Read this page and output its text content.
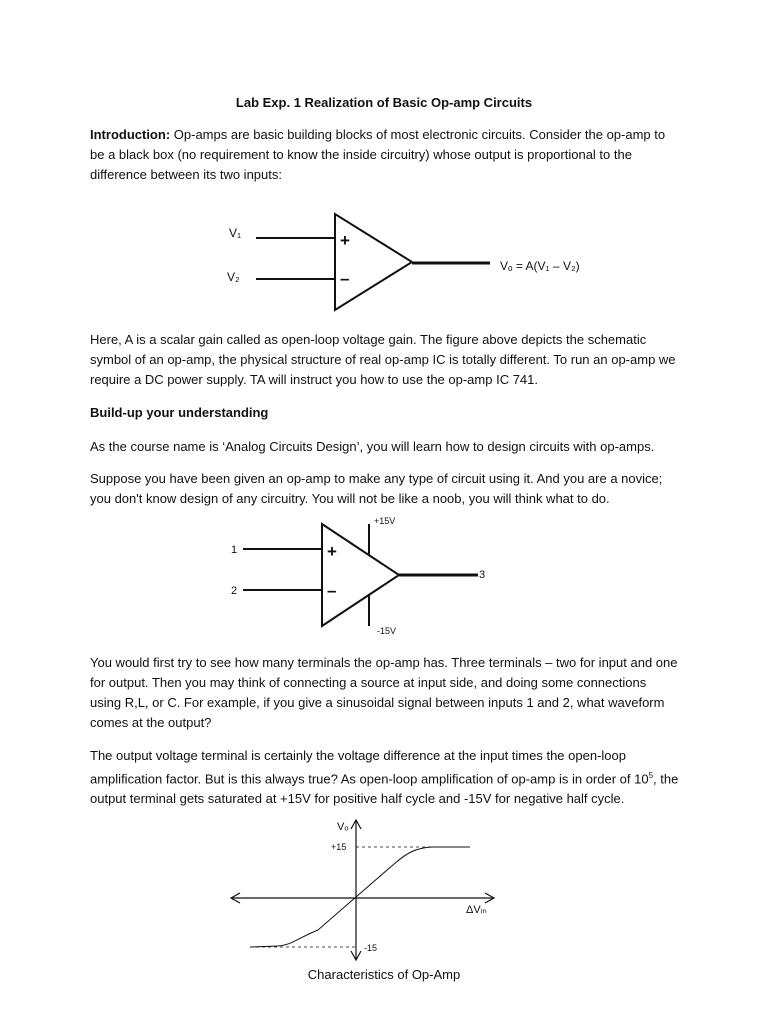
Lab Exp. 1 Realization of Basic Op-amp Circuits

Introduction: Op-amps are basic building blocks of most electronic circuits. Consider the op-amp to be a black box (no requirement to know the inside circuitry) whose output is proportional to the difference between its two inputs:

V₁
V₂
+
–
Vₒ = A(V₁ – V₂)

Here, A is a scalar gain called as open-loop voltage gain. The figure above depicts the schematic symbol of an op-amp, the physical structure of real op-amp IC is totally different. To run an op-amp we require a DC power supply. TA will instruct you how to use the op-amp IC 741.

Build-up your understanding

As the course name is ‘Analog Circuits Design’, you will learn how to design circuits with op-amps.

Suppose you have been given an op-amp to make any type of circuit using it. And you are a novice; you don't know design of any circuitry. You will not be like a noob, you will think what to do.

+15V
-15V
1
2
+
–
3

You would first try to see how many terminals the op-amp has. Three terminals – two for input and one for output. Then you may think of connecting a source at input side, and doing some connections using R,L, or C. For example, if you give a sinusoidal signal between inputs 1 and 2, what waveform comes at the output?

The output voltage terminal is certainly the voltage difference at the input times the open-loop amplification factor. But is this always true? As open-loop amplification of op-amp is in order of $10^5$, the output terminal gets saturated at +15V for positive half cycle and -15V for negative half cycle.

Vₒ
+15
-15
ΔVᵢₙ
Characteristics of Op-Amp
